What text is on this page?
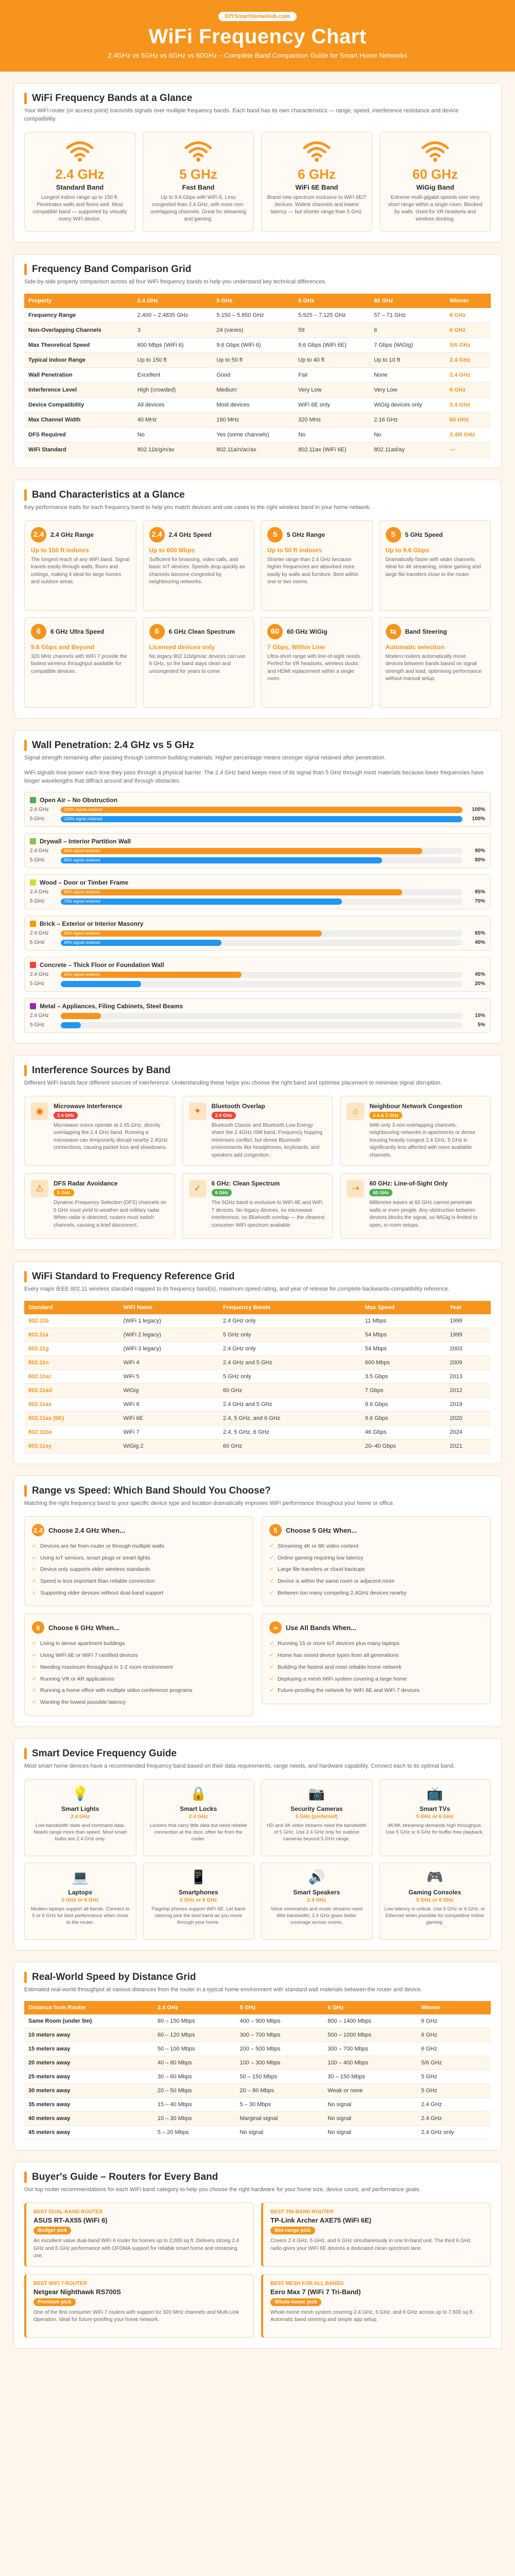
DIYSmartHomeHub.com
WiFi Frequency Chart
2.4GHz vs 5GHz vs 6GHz vs 60GHz – Complete Band Comparison Guide for Smart Home Networks
WiFi Frequency Bands at a Glance
Your WiFi router (or access point) transmits signals over multiple frequency bands. Each band has its own characteristics — range, speed, interference resistance and device compatibility.
2.4 GHz
Standard Band
Longest indoor range up to 150 ft. Penetrates walls and floors well. Most compatible band — supported by virtually every WiFi device.
5 GHz
Fast Band
Up to 9.6 Gbps with WiFi 6. Less congested than 2.4 GHz, with more non-overlapping channels. Great for streaming and gaming.
6 GHz
WiFi 6E Band
Brand new spectrum exclusive to WiFi 6E/7 devices. Widest channels and lowest latency — but shorter range than 5 GHz.
60 GHz
WiGig Band
Extreme multi‑gigabit speeds over very short range within a single room. Blocked by walls. Used for VR headsets and wireless docking.
Frequency Band Comparison Grid
Side-by-side property comparison across all four WiFi frequency bands to help you understand key technical differences.
Property	2.4 GHz	5 GHz	6 GHz	60 GHz	Winner
Frequency Range	2.400 – 2.4835 GHz	5.150 – 5.850 GHz	5.925 – 7.125 GHz	57 – 71 GHz	6 GHz
Non-Overlapping Channels	3	24 (varies)	59	6	6 GHz
Max Theoretical Speed	600 Mbps (WiFi 6)	9.6 Gbps (WiFi 6)	9.6 Gbps (WiFi 6E)	7 Gbps (WiGig)	5/6 GHz
Typical Indoor Range	Up to 150 ft	Up to 50 ft	Up to 40 ft	Up to 10 ft	2.4 GHz
Wall Penetration	Excellent	Good	Fair	None	2.4 GHz
Interference Level	High (crowded)	Medium	Very Low	Very Low	6 GHz
Device Compatibility	All devices	Most devices	WiFi 6E only	WiGig devices only	2.4 GHz
Max Channel Width	40 MHz	160 MHz	320 MHz	2.16 GHz	60 GHz
DFS Required	No	Yes (some channels)	No	No	2.4/6 GHz
WiFi Standard	802.11b/g/n/ax	802.11a/n/ac/ax	802.11ax (WiFi 6E)	802.11ad/ay	—
Band Characteristics at a Glance
Key performance traits for each frequency band to help you match devices and use cases to the right wireless band in your home network.
2.4	2.4 GHz Range
Up to 150 ft indoors
The longest reach of any WiFi band. Signal travels easily through walls, floors and ceilings, making it ideal for large homes and outdoor areas.
2.4	2.4 GHz Speed
Up to 600 Mbps
Sufficient for browsing, video calls, and basic IoT devices. Speeds drop quickly as channels become congested by neighbouring networks.
5	5 GHz Range
Up to 50 ft indoors
Shorter range than 2.4 GHz because higher frequencies are absorbed more easily by walls and furniture. Best within one or two rooms.
5	5 GHz Speed
Up to 9.6 Gbps
Dramatically faster with wider channels. Ideal for 4K streaming, online gaming and large file transfers close to the router.
6	6 GHz Ultra Speed
9.6 Gbps and Beyond
320 MHz channels with WiFi 7 provide the fastest wireless throughput available for compatible devices.
6	6 GHz Clean Spectrum
Licensed devices only
No legacy 802.11b/g/n/ac devices can use 6 GHz, so the band stays clean and uncongested for years to come.
60	60 GHz WiGig
7 Gbps, Within Line
Ultra-short range with line-of-sight needs. Perfect for VR headsets, wireless docks and HDMI replacement within a single room.
⇆	Band Steering
Automatic selection
Modern routers automatically move devices between bands based on signal strength and load, optimising performance without manual setup.
Wall Penetration: 2.4 GHz vs 5 GHz
Signal strength remaining after passing through common building materials. Higher percentage means stronger signal retained after penetration.
WiFi signals lose power each time they pass through a physical barrier. The 2.4 GHz band keeps more of its signal than 5 GHz through most materials because lower frequencies have longer wavelengths that diffract around and through obstacles.
Open Air – No Obstruction
2.4 GHz	100% signal retained	100%
5 GHz	100% signal retained	100%
Drywall – Interior Partition Wall
2.4 GHz	90% signal retained	90%
5 GHz	80% signal retained	80%
Wood – Door or Timber Frame
2.4 GHz	85% signal retained	85%
5 GHz	70% signal retained	70%
Brick – Exterior or Interior Masonry
2.4 GHz	65% signal retained	65%
5 GHz	40% signal retained	40%
Concrete – Thick Floor or Foundation Wall
2.4 GHz	45% signal retained	45%
5 GHz	20%
Metal – Appliances, Filing Cabinets, Steel Beams
2.4 GHz	10%
5 GHz	5%
Interference Sources by Band
Different WiFi bands face different sources of interference. Understanding these helps you choose the right band and optimise placement to minimise signal disruption.
◉	Microwave Interference
2.4 GHz
Microwave ovens operate at 2.45 GHz, directly overlapping the 2.4 GHz band. Running a microwave can temporarily disrupt nearby 2.4GHz connections, causing packet loss and slowdowns.
✦	Bluetooth Overlap
2.4 GHz
Bluetooth Classic and Bluetooth Low Energy share the 2.4GHz ISM band. Frequency hopping minimises conflict, but dense Bluetooth environments like headphones, keyboards, and speakers add congestion.
⌂	Neighbour Network Congestion
2.4 & 5 GHz
With only 3 non-overlapping channels, neighbouring networks in apartments or dense housing heavily congest 2.4 GHz. 5 GHz is significantly less affected with more available channels.
⚠	DFS Radar Avoidance
5 GHz
Dynamic Frequency Selection (DFS) channels on 5 GHz must yield to weather and military radar. When radar is detected, routers must switch channels, causing a brief disconnect.
✓	6 GHz: Clean Spectrum
6 GHz
The 6GHz band is exclusive to WiFi 6E and WiFi 7 devices. No legacy devices, no microwave interference, no Bluetooth overlap — the cleanest consumer WiFi spectrum available.
⇢	60 GHz: Line-of-Sight Only
60 GHz
Millimetre waves at 60 GHz cannot penetrate walls or even people. Any obstruction between devices blocks the signal, so WiGig is limited to open, in-room setups.
WiFi Standard to Frequency Reference Grid
Every major IEEE 802.11 wireless standard mapped to its frequency band(s), maximum speed rating, and year of release for complete backwards-compatibility reference.
Standard	WiFi Name	Frequency Bands	Max Speed	Year
802.11b	(WiFi 1 legacy)	2.4 GHz only	11 Mbps	1999
802.11a	(WiFi 2 legacy)	5 GHz only	54 Mbps	1999
802.11g	(WiFi 3 legacy)	2.4 GHz only	54 Mbps	2003
802.11n	WiFi 4	2.4 GHz and 5 GHz	600 Mbps	2009
802.11ac	WiFi 5	5 GHz only	3.5 Gbps	2013
802.11ad	WiGig	60 GHz	7 Gbps	2012
802.11ax	WiFi 6	2.4 GHz and 5 GHz	9.6 Gbps	2019
802.11ax (6E)	WiFi 6E	2.4, 5 GHz, and 6 GHz	9.6 Gbps	2020
802.11be	WiFi 7	2.4, 5 GHz, 6 GHz	46 Gbps	2024
802.11ay	WiGig 2	60 GHz	20–40 Gbps	2021
Range vs Speed: Which Band Should You Choose?
Matching the right frequency band to your specific device type and location dramatically improves WiFi performance throughout your home or office.
2.4 Choose 2.4 GHz When...
✓ Devices are far from router or through multiple walls
✓ Using IoT sensors, smart plugs or smart lights
✓ Device only supports older wireless standards
✓ Speed is less important than reliable connection
✓ Supporting older devices without dual-band support
6	Choose 6 GHz When...
✓ Living in dense apartment buildings
✓ Using WiFi 6E or WiFi 7 certified devices
✓ Needing maximum throughput in 1-2 room environment
✓ Running VR or AR applications
✓ Running a home office with multiple video conference programs
✓ Wanting the lowest possible latency
5	Choose 5 GHz When...
✓ Streaming 4K or 8K video content
✓ Online gaming requiring low latency
✓ Large file transfers or cloud backups
✓ Device is within the same room or adjacent room
✓ Between too many competing 2.4GHz devices nearby
∞	Use All Bands When...
✓ Running 15 or more IoT devices plus many laptops
✓ Home has mixed device types from all generations
✓ Building the fastest and most reliable home network
✓ Deploying a mesh WiFi system covering a large home
✓ Future-proofing the network for WiFi 6E and WiFi 7 devices
Smart Device Frequency Guide
Most smart home devices have a recommended frequency band based on their data requirements, range needs, and hardware capability. Connect each to its optimal band.
💡
Smart Lights
2.4 GHz
Low-bandwidth state and command data. Needs range more than speed. Most smart bulbs are 2.4 GHz only.
🔒
Smart Locks
2.4 GHz
Lockers that carry little data but need reliable connection at the door, often far from the router.
📷
Security Cameras
5 GHz (preferred)
HD and 4K video streams need the bandwidth of 5 GHz. Use 2.4 GHz only for outdoor cameras beyond 5 GHz range.
📺
Smart TVs
5 GHz or 6 GHz
4K/8K streaming demands high throughput. Use 5 GHz or 6 GHz for buffer-free playback.
💻
Laptops
5 GHz or 6 GHz
Modern laptops support all bands. Connect to 5 or 6 GHz for best performance when close to the router.
📱
Smartphones
5 GHz or 6 GHz
Flagship phones support WiFi 6E. Let band steering pick the best band as you move through your home.
🔊
Smart Speakers
2.4 GHz
Voice commands and music streams need little bandwidth; 2.4 GHz gives better coverage across rooms.
🎮
Gaming Consoles
5 GHz or 6 GHz
Low latency is critical. Use 5 GHz or 6 GHz, or Ethernet when possible for competitive online gaming.
Real-World Speed by Distance Grid
Estimated real-world throughput at various distances from the router in a typical home environment with standard wall materials between the router and device.
Distance from Router	2.4 GHz	5 GHz	6 GHz	Winner
Same Room (under 5m)	80 – 150 Mbps	400 – 900 Mbps	800 – 1400 Mbps	6 GHz
10 meters away	60 – 120 Mbps	300 – 700 Mbps	500 – 1000 Mbps	6 GHz
15 meters away	50 – 100 Mbps	200 – 500 Mbps	300 – 700 Mbps	6 GHz
20 meters away	40 – 80 Mbps	100 – 300 Mbps	100 – 400 Mbps	5/6 GHz
25 meters away	30 – 60 Mbps	50 – 150 Mbps	30 – 150 Mbps	5 GHz
30 meters away	20 – 50 Mbps	20 – 80 Mbps	Weak or none	5 GHz
35 meters away	15 – 40 Mbps	5 – 30 Mbps	No signal	2.4 GHz
40 meters away	10 – 30 Mbps	Marginal signal	No signal	2.4 GHz
45 meters away	5 – 20 Mbps	No signal	No signal	2.4 GHz only
Buyer's Guide – Routers for Every Band
Our top router recommendations for each WiFi band category to help you choose the right hardware for your home size, device count, and performance goals.
BEST DUAL-BAND ROUTER
ASUS RT-AX55 (WiFi 6)
Budget pick
An excellent value dual-band WiFi 6 router for homes up to 2,000 sq ft. Delivers strong 2.4 GHz and 5 GHz performance with OFDMA support for reliable smart home and streaming use.
BEST TRI-BAND ROUTER
TP-Link Archer AXE75 (WiFi 6E)
Mid-range pick
Covers 2.4 GHz, 5 GHz, and 6 GHz simultaneously in one tri-band unit. The third 6 GHz radio gives your WiFi 6E devices a dedicated clean spectrum lane.
BEST WIFI 7 ROUTER
Netgear Nighthawk RS700S
Premium pick
One of the first consumer WiFi 7 routers with support for 320 MHz channels and Multi-Link Operation. Ideal for future-proofing your home network.
BEST MESH FOR ALL BANDS
Eero Max 7 (WiFi 7 Tri-Band)
Whole-home pick
Whole-home mesh system covering 2.4 GHz, 5 GHz, and 6 GHz across up to 7,500 sq ft. Automatic band steering and simple app setup.
